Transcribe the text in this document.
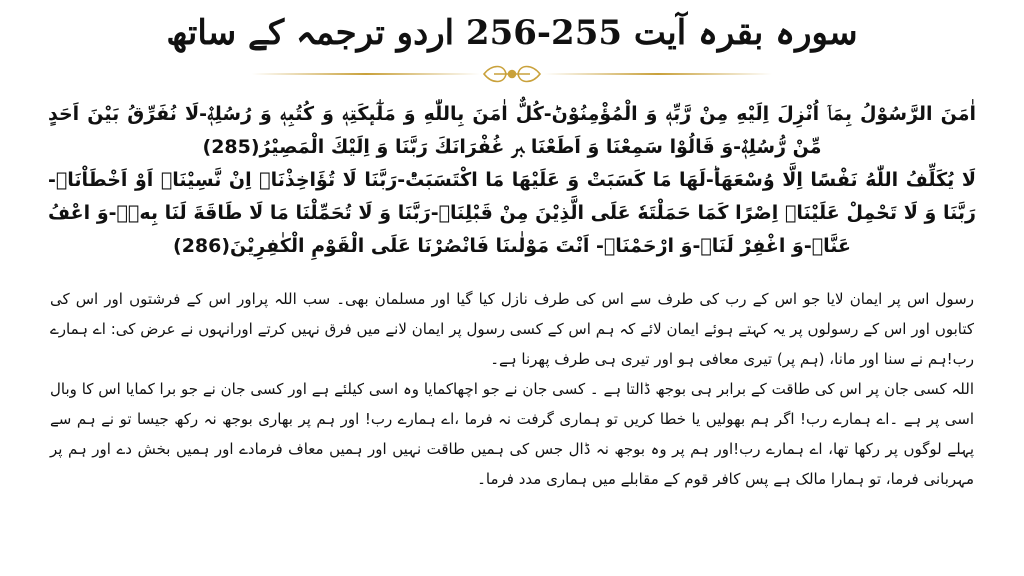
سورہ بقرہ آیت 255-256 اردو ترجمہ کے ساتھ

اٰمَنَ الرَّسُوْلُ بِمَاۤ اُنْزِلَ اِلَیْهِ مِنْ رَّبِّهٖ وَ الْمُؤْمِنُوْنَؕ-كُلٌّ اٰمَنَ بِاللّٰهِ وَ مَلٰٓىٕكَتِهٖ وَ كُتُبِهٖ وَ رُسُلِهٖ۫-لَا نُفَرِّقُ بَیْنَ اَحَدٍ مِّنْ رُّسُلِهٖ۫-وَ قَالُوْا سَمِعْنَا وَ اَطَعْنَا ﱪ غُفْرَانَكَ رَبَّنَا وَ اِلَیْكَ الْمَصِیْرُ(285)

لَا یُكَلِّفُ اللّٰهُ نَفْسًا اِلَّا وُسْعَهَاؕ-لَهَا مَا كَسَبَتْ وَ عَلَیْهَا مَا اكْتَسَبَتْؕ-رَبَّنَا لَا تُؤَاخِذْنَاۤ اِنْ نَّسِیْنَاۤ اَوْ اَخْطَاْنَاۚ-رَبَّنَا وَ لَا تَحْمِلْ عَلَیْنَاۤ اِصْرًا كَمَا حَمَلْتَهٗ عَلَى الَّذِیْنَ مِنْ قَبْلِنَاۚ-رَبَّنَا وَ لَا تُحَمِّلْنَا مَا لَا طَاقَةَ لَنَا بِهٖۚ-وَ اعْفُ عَنَّاٙ-وَ اغْفِرْ لَنَاٙ-وَ ارْحَمْنَاٙ- اَنْتَ مَوْلٰىنَا فَانْصُرْنَا عَلَى الْقَوْمِ الْكٰفِرِیْنَ(286)

رسول اس پر ایمان لایا جو اس کے رب کی طرف سے اس کی طرف نازل کیا گیا اور مسلمان بھی۔ سب اللہ پراور اس کے فرشتوں اور اس کی کتابوں اور اس کے رسولوں پر یہ کہتے ہوئے ایمان لائے کہ ہم اس کے کسی رسول پر ایمان لانے میں فرق نہیں کرتے اورانہوں نے عرض کی: اے ہمارے رب!ہم نے سنا اور مانا، (ہم پر) تیری معافی ہو اور تیری ہی طرف پھرنا ہے۔

اللہ کسی جان پر اس کی طاقت کے برابر ہی بوجھ ڈالتا ہے ۔ کسی جان نے جو اچھاکمایا وہ اسی کیلئے ہے اور کسی جان نے جو برا کمایا اس کا وبال اسی پر ہے ۔اے ہمارے رب! اگر ہم بھولیں یا خطا کریں تو ہماری گرفت نہ فرما ،اے ہمارے رب! اور ہم پر بھاری بوجھ نہ رکھ جیسا تو نے ہم سے پہلے لوگوں پر رکھا تھا، اے ہمارے رب!اور ہم پر وہ بوجھ نہ ڈال جس کی ہمیں طاقت نہیں اور ہمیں معاف فرمادے اور ہمیں بخش دے اور ہم پر مہربانی فرما، تو ہمارا مالک ہے پس کافر قوم کے مقابلے میں ہماری مدد فرما۔
